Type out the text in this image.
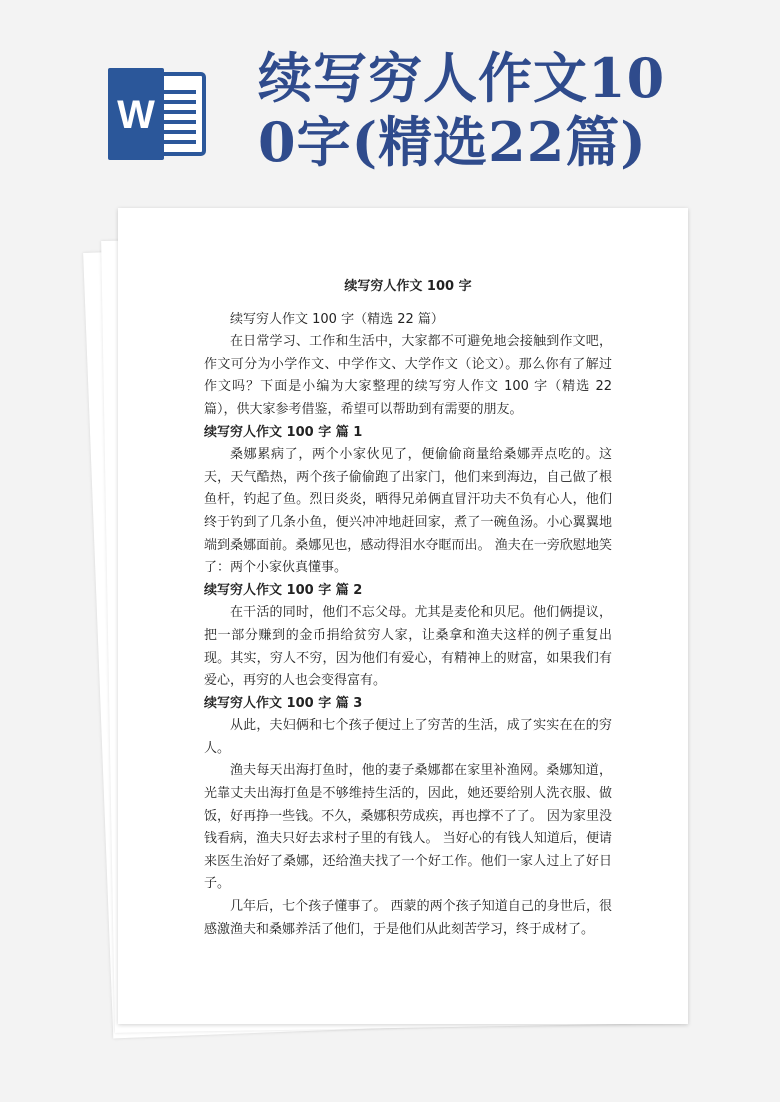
W
续写穷人作文10
0字(精选22篇)

续写穷人作文 100 字

续写穷人作文 100 字（精选 22 篇）

在日常学习、工作和生活中，大家都不可避免地会接触到作文吧，作文可分为小学作文、中学作文、大学作文（论文）。那么你有了解过作文吗？下面是小编为大家整理的续写穷人作文 100 字（精选 22 篇），供大家参考借鉴，希望可以帮助到有需要的朋友。

续写穷人作文 100 字 篇 1

桑娜累病了，两个小家伙见了，便偷偷商量给桑娜弄点吃的。这天，天气酷热，两个孩子偷偷跑了出家门，他们来到海边，自己做了根鱼杆，钓起了鱼。烈日炎炎，晒得兄弟俩直冒汗功夫不负有心人，他们终于钓到了几条小鱼，便兴冲冲地赶回家，煮了一碗鱼汤。小心翼翼地端到桑娜面前。桑娜见也，感动得泪水夺眶而出。 渔夫在一旁欣慰地笑了：两个小家伙真懂事。

续写穷人作文 100 字 篇 2

在干活的同时，他们不忘父母。尤其是麦伦和贝尼。他们俩提议，把一部分赚到的金币捐给贫穷人家，让桑拿和渔夫这样的例子重复出现。其实，穷人不穷，因为他们有爱心，有精神上的财富，如果我们有爱心，再穷的人也会变得富有。

续写穷人作文 100 字 篇 3

从此，夫妇俩和七个孩子便过上了穷苦的生活，成了实实在在的穷人。

渔夫每天出海打鱼时，他的妻子桑娜都在家里补渔网。桑娜知道，光靠丈夫出海打鱼是不够维持生活的，因此，她还要给别人洗衣服、做饭，好再挣一些钱。不久，桑娜积劳成疾，再也撑不了了。 因为家里没钱看病，渔夫只好去求村子里的有钱人。 当好心的有钱人知道后，便请来医生治好了桑娜，还给渔夫找了一个好工作。他们一家人过上了好日子。

几年后，七个孩子懂事了。 西蒙的两个孩子知道自己的身世后，很感激渔夫和桑娜养活了他们，于是他们从此刻苦学习，终于成材了。
